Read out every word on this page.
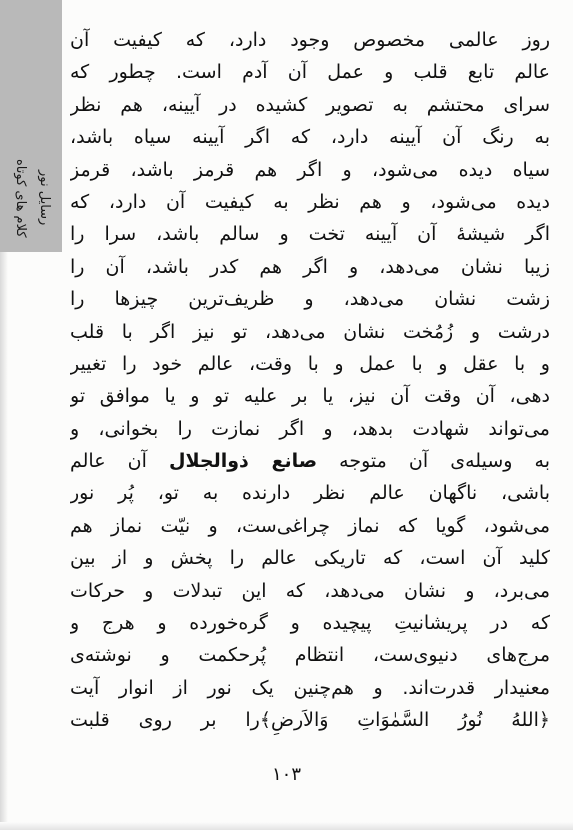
رسایل نور
کلام های کوتاه
روز عالمی مخصوص وجود دارد، که کیفیت آن
عالم تابع قلب و عمل آن آدم است. چطور که
سرای محتشم به تصویر کشیده در آیینه، هم نظر
به رنگ آن آیینه دارد، که اگر آیینه سیاه باشد،
سیاه دیده می‌شود، و اگر هم قرمز باشد، قرمز
دیده می‌شود، و هم نظر به کیفیت آن دارد، که
اگر شیشهٔ آن آیینه تخت و سالم باشد، سرا را
زیبا نشان می‌دهد، و اگر هم کدر باشد، آن را
زشت نشان می‌دهد، و ظریف‌ترین چیزها را
درشت و زُمُخت نشان می‌دهد، تو نیز اگر با قلب
و با عقل و با عمل و با وقت، عالم خود را تغییر
دهی، آن وقت آن نیز، یا بر علیه تو و یا موافق تو
می‌تواند شهادت بدهد، و اگر نمازت را بخوانی، و
به وسیله‌ی آن متوجه صانع ذوالجلال آن عالم
باشی، ناگهان عالم نظر دارنده به تو، پُر نور
می‌شود، گویا که نماز چراغی‌ست، و نیّت نماز هم
کلید آن است، که تاریکی عالم را پخش و از بین
می‌برد، و نشان می‌دهد، که این تبدلات و حرکات
که در پریشانیتِ پیچیده و گره‌خورده و هرج و
مرج‌های دنیوی‌ست، انتظام پُرحکمت و نوشته‌ی
معنیدار قدرت‌اند. و هم‌چنین یک نور از انوار آیت
﴿اللهُ نُورُ السَّمٰوَاتِ وَالاَرضِ﴾را بر روی قلبت
۱۰۳
